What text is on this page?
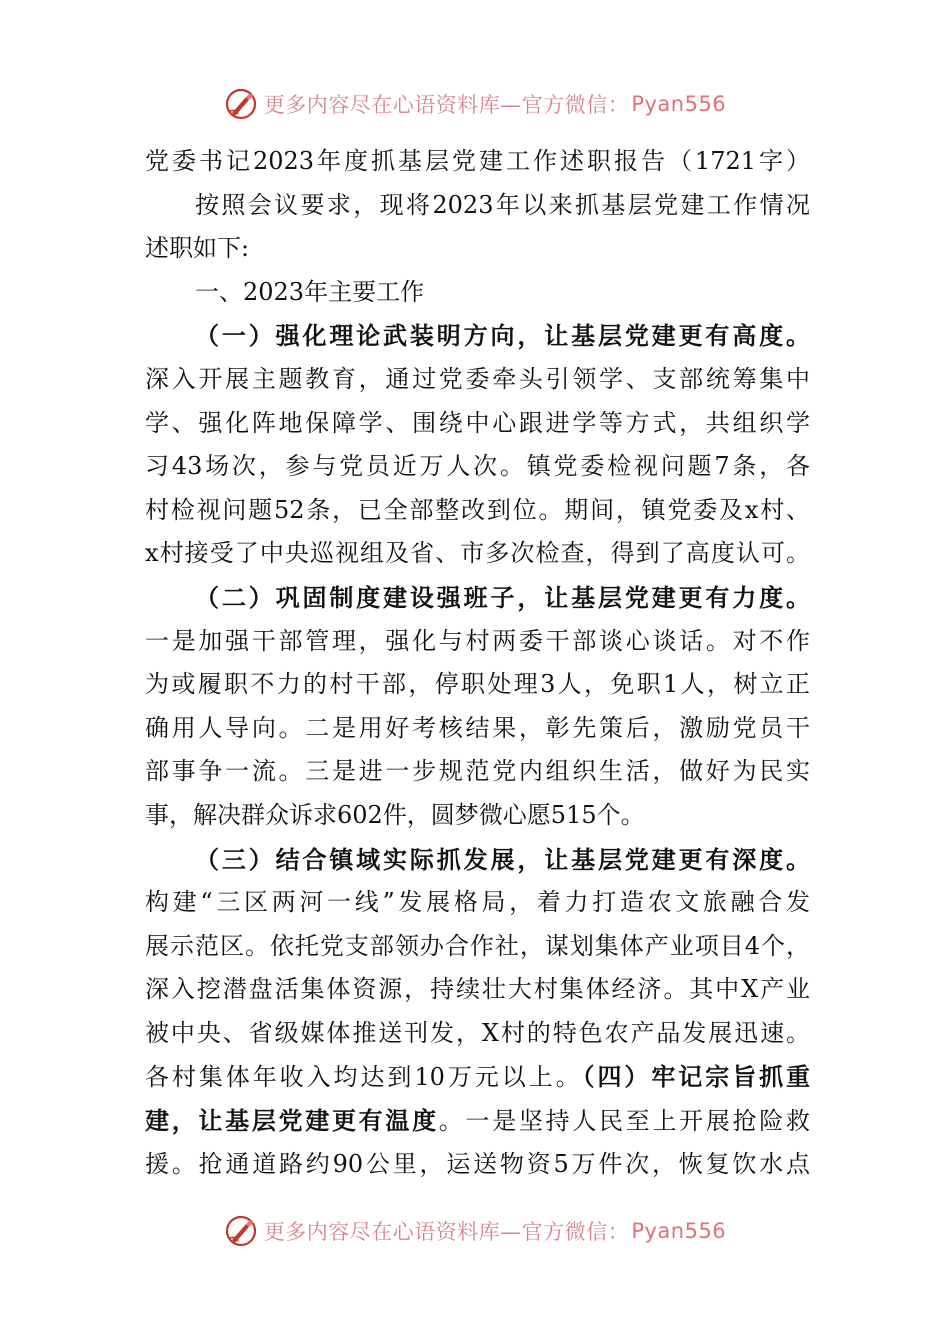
更多内容尽在心语资料库—官方微信： Pyan556
党委书记2023年度抓基层党建工作述职报告（1721字）
按照会议要求，现将2023年以来抓基层党建工作情况
述职如下:
一、2023年主要工作
（一）强化理论武装明方向，让基层党建更有高度。
深入开展主题教育，通过党委牵头引领学、支部统筹集中
学、强化阵地保障学、围绕中心跟进学等方式，共组织学
习43场次，参与党员近万人次。镇党委检视问题7条，各
村检视问题52条，已全部整改到位。期间，镇党委及x村、
x村接受了中央巡视组及省、市多次检查，得到了高度认可。
（二）巩固制度建设强班子，让基层党建更有力度。
一是加强干部管理，强化与村两委干部谈心谈话。对不作
为或履职不力的村干部，停职处理3人，免职1人，树立正
确用人导向。二是用好考核结果，彰先策后，激励党员干
部事争一流。三是进一步规范党内组织生活，做好为民实
事，解决群众诉求602件，圆梦微心愿515个。
（三）结合镇域实际抓发展，让基层党建更有深度。
构建“三区两河一线”发展格局，着力打造农文旅融合发
展示范区。依托党支部领办合作社，谋划集体产业项目4个，
深入挖潜盘活集体资源，持续壮大村集体经济。其中X产业
被中央、省级媒体推送刊发，X村的特色农产品发展迅速。
各村集体年收入均达到10万元以上。（四）牢记宗旨抓重
建，让基层党建更有温度。一是坚持人民至上开展抢险救
援。抢通道路约90公里，运送物资5万件次，恢复饮水点
更多内容尽在心语资料库—官方微信： Pyan556
